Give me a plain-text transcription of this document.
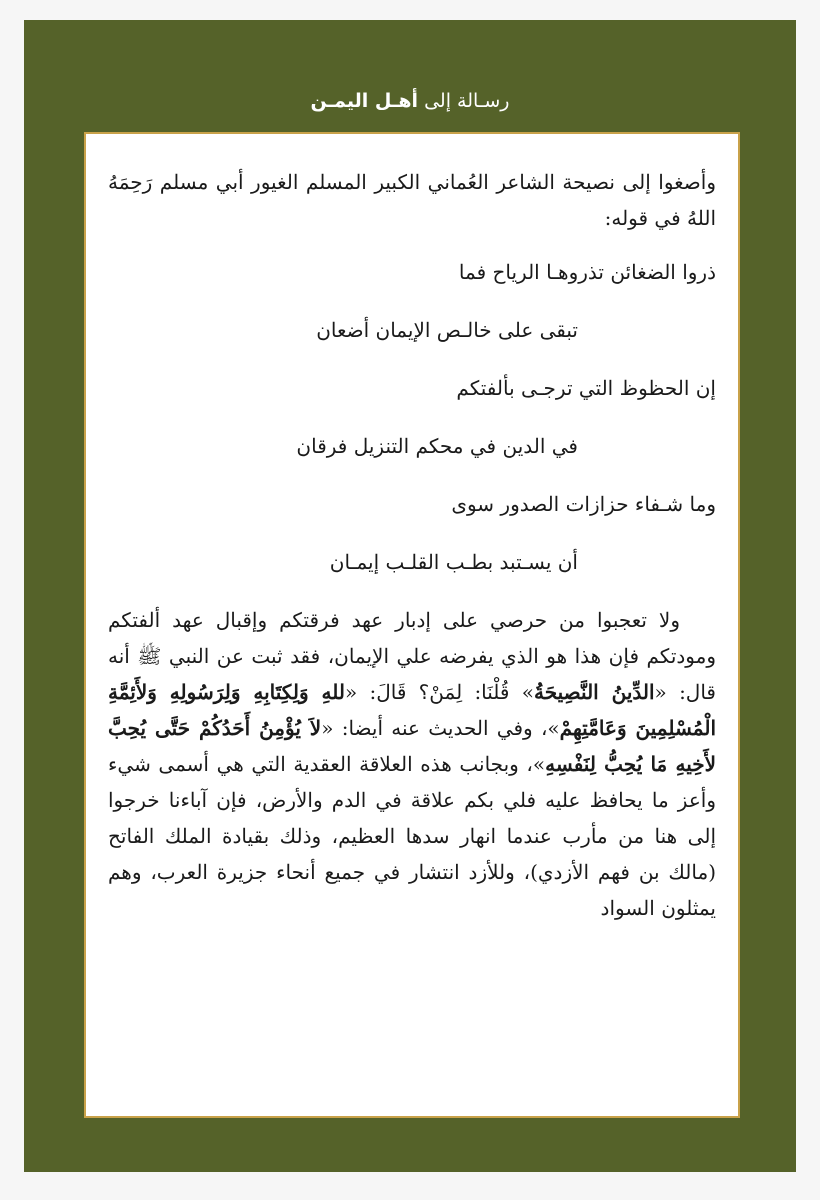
رسـالة إلى أهـل اليمـن

وأصغوا إلى نصيحة الشاعر العُماني الكبير المسلم الغيور أبي مسلم رَحِمَهُ اللهُ في قوله:

ذروا الضغائن تذروهـا الرياح فما
تبقى على خالـص الإيمان أضعان
إن الحظوظ التي ترجـى بألفتكم
في الدين في محكم التنزيل فرقان
وما شـفاء حزازات الصدور سوى
أن يسـتبد بطـب القلـب إيمـان

ولا تعجبوا من حرصي على إدبار عهد فرقتكم وإقبال عهد ألفتكم ومودتكم فإن هذا هو الذي يفرضه علي الإيمان، فقد ثبت عن النبي ﷺ أنه قال: «الدِّينُ النَّصِيحَةُ» قُلْنَا: لِمَنْ؟ قَالَ: «للهِ وَلِكِتَابِهِ وَلِرَسُولِهِ وَلأَئِمَّةِ الْمُسْلِمِينَ وَعَامَّتِهِمْ»، وفي الحديث عنه أيضا: «لاَ يُؤْمِنُ أَحَدُكُمْ حَتَّى يُحِبَّ لأَخِيهِ مَا يُحِبُّ لِنَفْسِهِ»، وبجانب هذه العلاقة العقدية التي هي أسمى شيء وأعز ما يحافظ عليه فلي بكم علاقة في الدم والأرض، فإن آباءنا خرجوا إلى هنا من مأرب عندما انهار سدها العظيم، وذلك بقيادة الملك الفاتح (مالك بن فهم الأزدي)، وللأزد انتشار في جميع أنحاء جزيرة العرب، وهم يمثلون السواد
